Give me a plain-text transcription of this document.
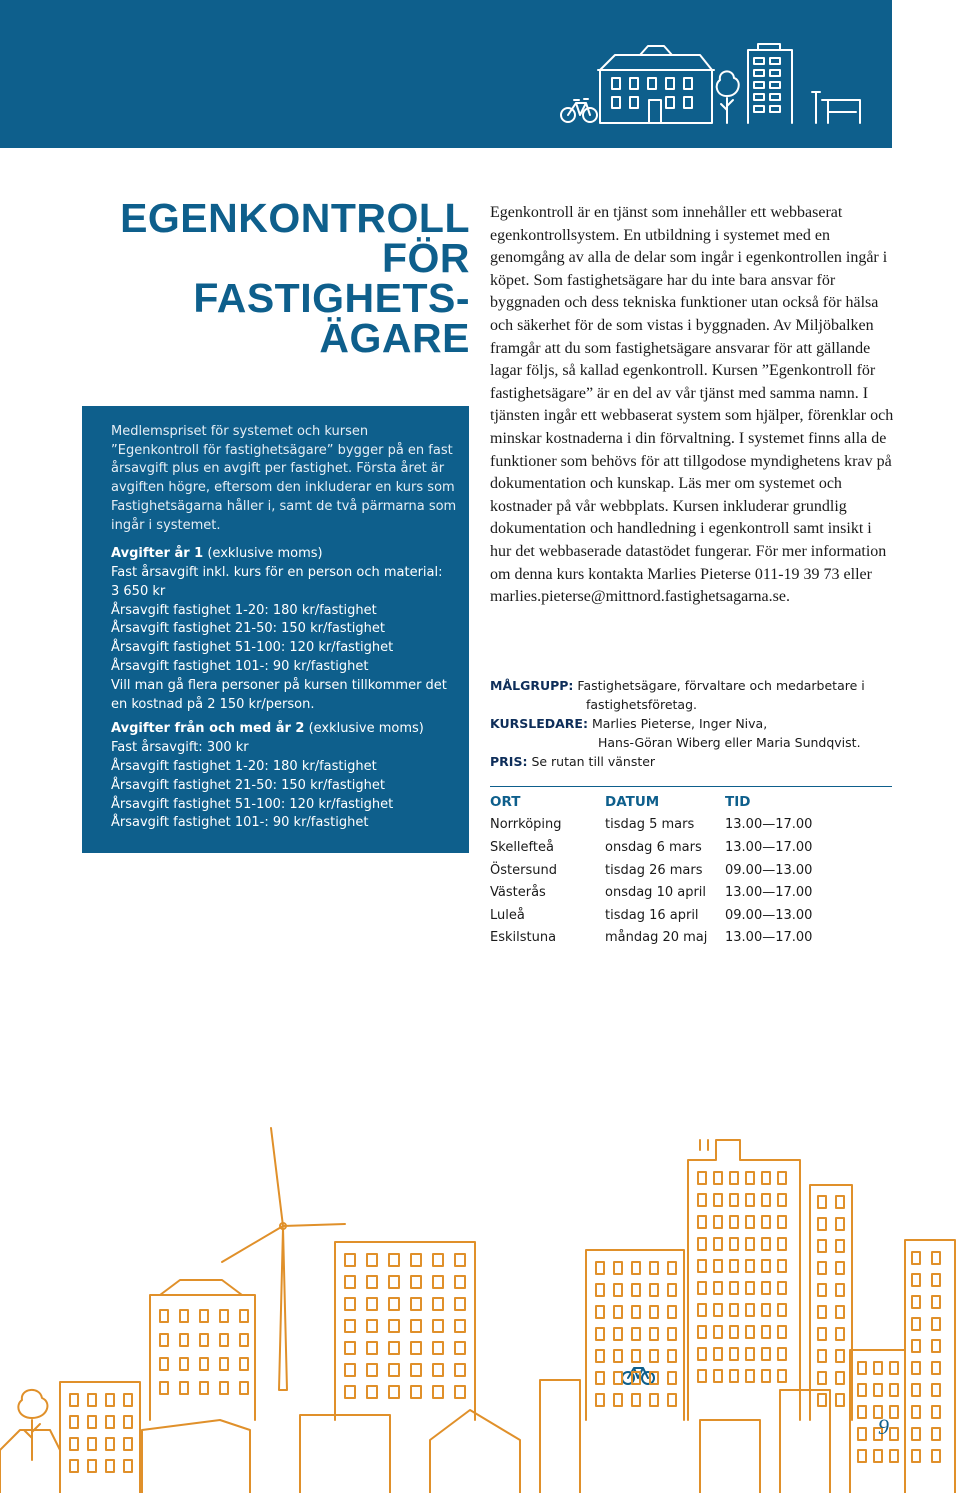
EGENKONTROLL
FÖR FASTIGHETS-
ÄGARE

Medlemspriset för systemet och kursen ”Egenkontroll för fastighetsägare” bygger på en fast årsavgift plus en avgift per fastighet. Första året är avgiften högre, eftersom den inkluderar en kurs som Fastighetsägarna håller i, samt de två pärmarna som ingår i systemet.

Avgifter år 1 (exklusive moms)

Fast årsavgift inkl. kurs för en person och material:
3 650 kr
Årsavgift fastighet 1-20: 180 kr/fastighet
Årsavgift fastighet 21-50: 150 kr/fastighet
Årsavgift fastighet 51-100: 120 kr/fastighet
Årsavgift fastighet 101-: 90 kr/fastighet
Vill man gå flera personer på kursen tillkommer det
en kostnad på 2 150 kr/person.

Avgifter från och med år 2 (exklusive moms)

Fast årsavgift: 300 kr
Årsavgift fastighet 1-20: 180 kr/fastighet
Årsavgift fastighet 21-50: 150 kr/fastighet
Årsavgift fastighet 51-100: 120 kr/fastighet
Årsavgift fastighet 101-: 90 kr/fastighet
Egenkontroll är en tjänst som innehåller ett webbaserat egenkontrollsystem. En utbildning i systemet med en genomgång av alla de delar som ingår i egenkontrollen ingår i köpet. Som fastighetsägare har du inte bara ansvar för byggnaden och dess tekniska funktioner utan också för hälsa och säkerhet för de som vistas i byggnaden. Av Miljöbalken framgår att du som fastighetsägare ansvarar för att gällande lagar följs, så kallad egenkontroll. Kursen ”Egenkontroll för fastighetsägare” är en del av vår tjänst med samma namn. I tjänsten ingår ett webbaserat system som hjälper, förenklar och minskar kostnaderna i din förvaltning. I systemet finns alla de funktioner som behövs för att tillgodose myndighetens krav på dokumentation och kunskap. Läs mer om systemet och kostnader på vår webbplats. Kursen inkluderar grundlig dokumentation och handledning i egenkontroll samt insikt i hur det webbaserade datastödet fungerar. För mer information om denna kurs kontakta Marlies Pieterse 011-19 39 73 eller marlies.pieterse@mittnord.fastighetsagarna.se.
MÅLGRUPP: Fastighetsägare, förvaltare och medarbetare i
fastighetsföretag.
KURSLEDARE: Marlies Pieterse, Inger Niva,
Hans-Göran Wiberg eller Maria Sundqvist.
PRIS: Se rutan till vänster
ORT	DATUM	TID
Norrköping	tisdag 5 mars	13.00—17.00
Skellefteå	onsdag 6 mars	13.00—17.00
Östersund	tisdag 26 mars	09.00—13.00
Västerås	onsdag 10 april	13.00—17.00
Luleå	tisdag 16 april	09.00—13.00
Eskilstuna	måndag 20 maj	13.00—17.00
9
